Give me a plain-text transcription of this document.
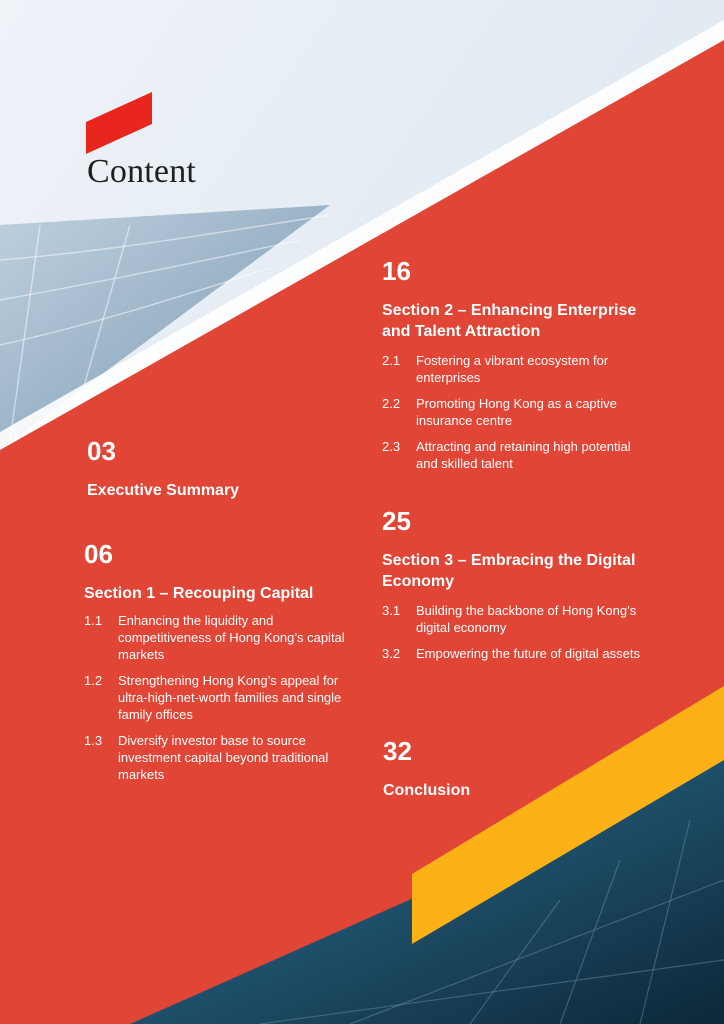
Content
03
Executive Summary
06
Section 1 – Recouping Capital
1.1 Enhancing the liquidity and competitiveness of Hong Kong’s capital markets
1.2 Strengthening Hong Kong’s appeal for ultra-high-net-worth families and single family offices
1.3 Diversify investor base to source investment capital beyond traditional markets
16
Section 2 – Enhancing Enterprise and Talent Attraction
2.1 Fostering a vibrant ecosystem for enterprises
2.2 Promoting Hong Kong as a captive insurance centre
2.3 Attracting and retaining high potential and skilled talent
25
Section 3 – Embracing the Digital Economy
3.1 Building the backbone of Hong Kong’s digital economy
3.2 Empowering the future of digital assets
32
Conclusion
